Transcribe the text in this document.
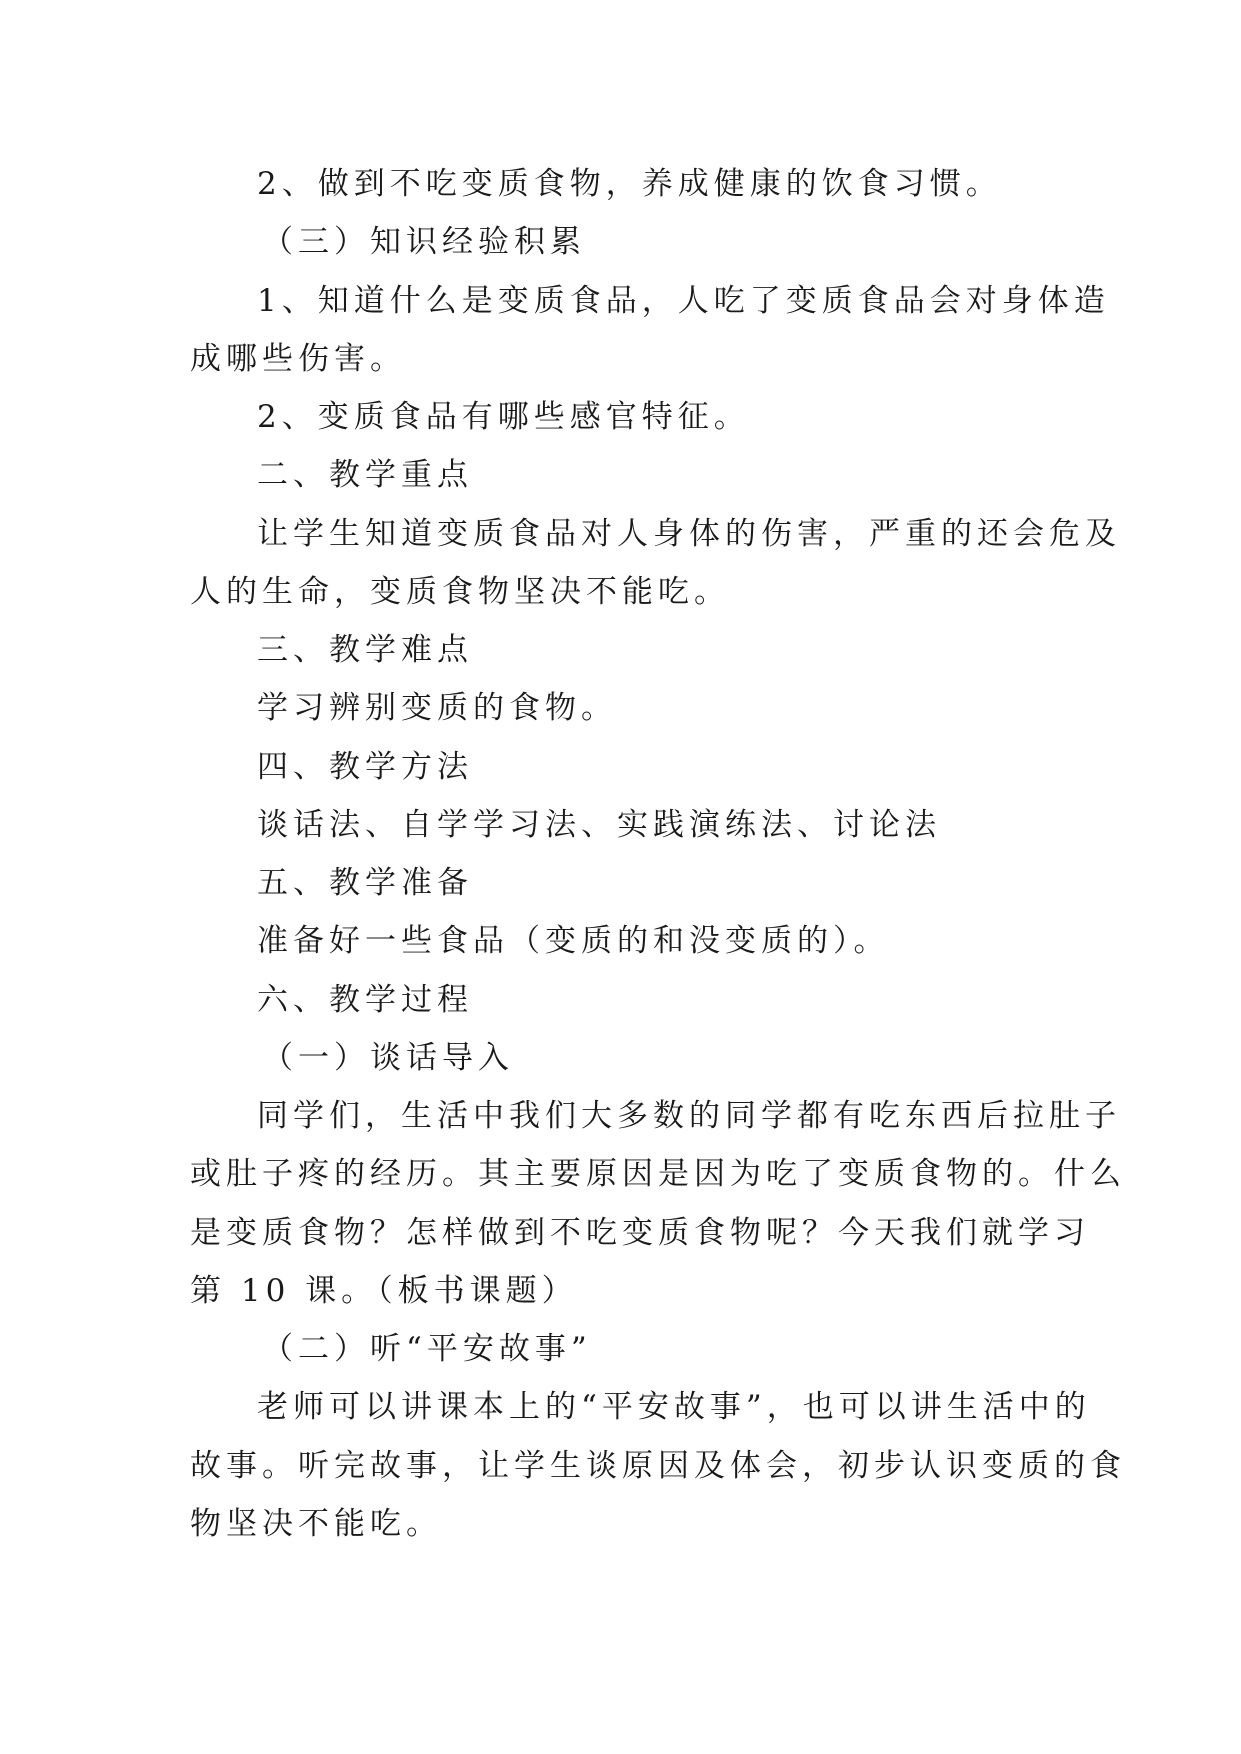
2、做到不吃变质食物，养成健康的饮食习惯。
（三）知识经验积累
1、知道什么是变质食品，人吃了变质食品会对身体造
成哪些伤害。
2、变质食品有哪些感官特征。
二、教学重点
让学生知道变质食品对人身体的伤害，严重的还会危及
人的生命，变质食物坚决不能吃。
三、教学难点
学习辨别变质的食物。
四、教学方法
谈话法、自学学习法、实践演练法、讨论法
五、教学准备
准备好一些食品（变质的和没变质的）。
六、教学过程
（一）谈话导入
同学们，生活中我们大多数的同学都有吃东西后拉肚子
或肚子疼的经历。其主要原因是因为吃了变质食物的。什么
是变质食物？怎样做到不吃变质食物呢？今天我们就学习
第 10 课。（板书课题）
（二）听“平安故事”
老师可以讲课本上的“平安故事”，也可以讲生活中的
故事。听完故事，让学生谈原因及体会，初步认识变质的食
物坚决不能吃。
